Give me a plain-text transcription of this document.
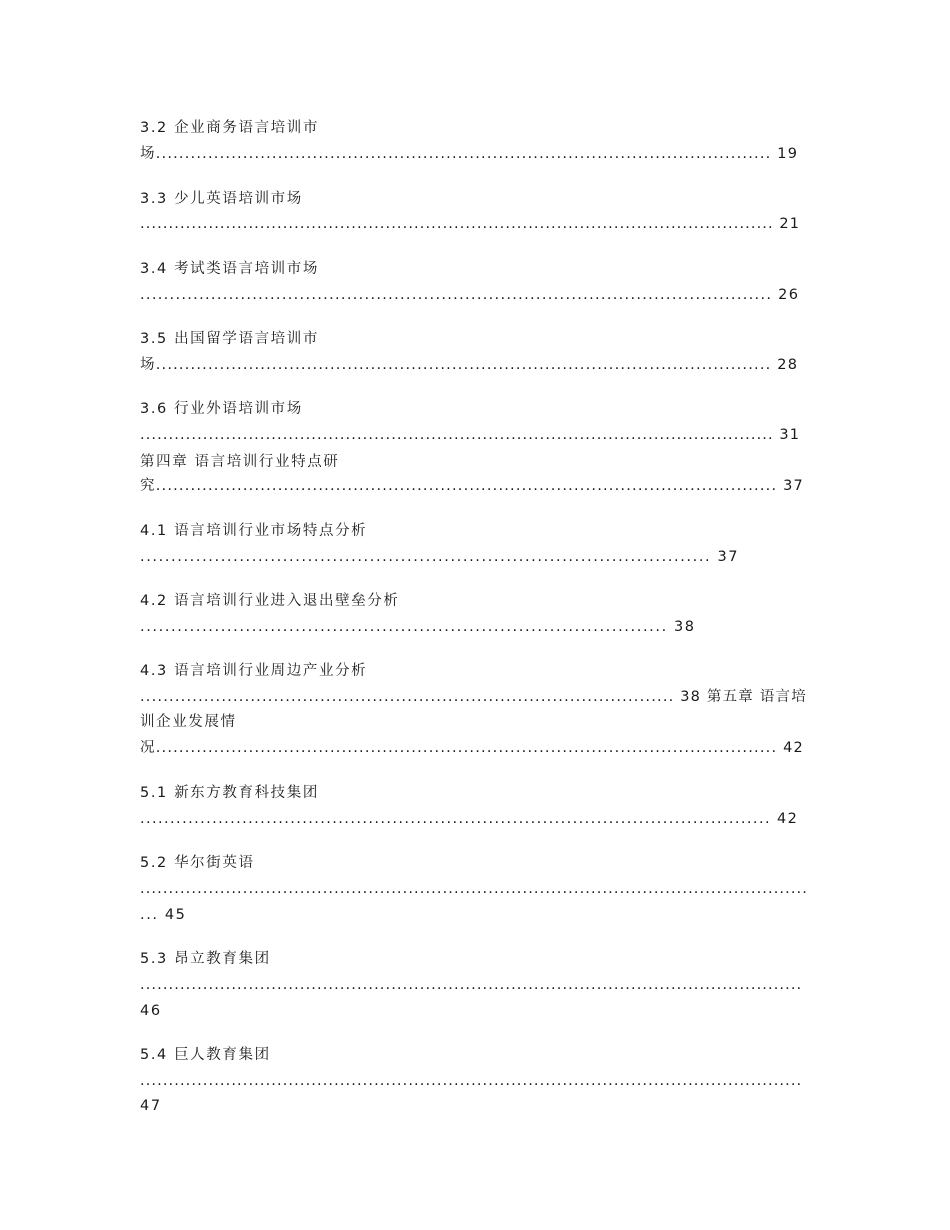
3.2 企业商务语言培训市
场.......................................................................................................... 19
3.3 少儿英语培训市场
............................................................................................................... 21
3.4 考试类语言培训市场
........................................................................................................... 26
3.5 出国留学语言培训市
场.......................................................................................................... 28
3.6 行业外语培训市场
............................................................................................................... 31
第四章 语言培训行业特点研
究........................................................................................................... 37
4.1 语言培训行业市场特点分析
............................................................................................ 37
4.2 语言培训行业进入退出壁垒分析
..................................................................................... 38
4.3 语言培训行业周边产业分析
............................................................................................ 38 第五章 语言培
训企业发展情
况........................................................................................................... 42
5.1 新东方教育科技集团
......................................................................................................... 42
5.2 华尔街英语
.....................................................................................................................
... 45
5.3 昂立教育集团
....................................................................................................................
46
5.4 巨人教育集团
....................................................................................................................
47
